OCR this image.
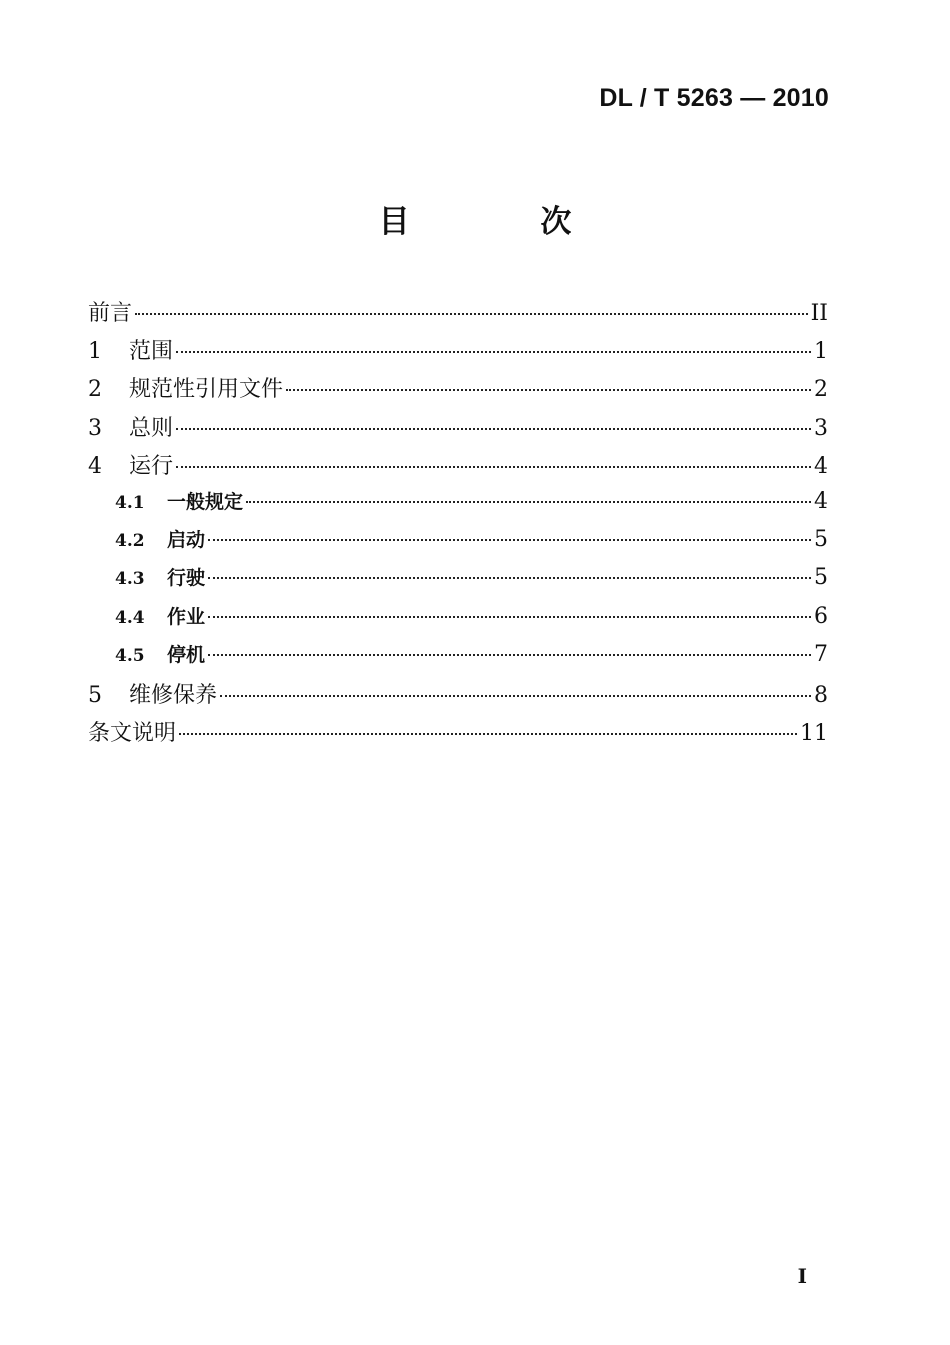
DL / T 5263 — 2010
目 次
前言	II
1	范围	1
2	规范性引用文件	2
3	总则	3
4	运行	4
4.1	一般规定	4
4.2	启动	5
4.3	行驶	5
4.4	作业	6
4.5	停机	7
5	维修保养	8
条文说明	11
I
